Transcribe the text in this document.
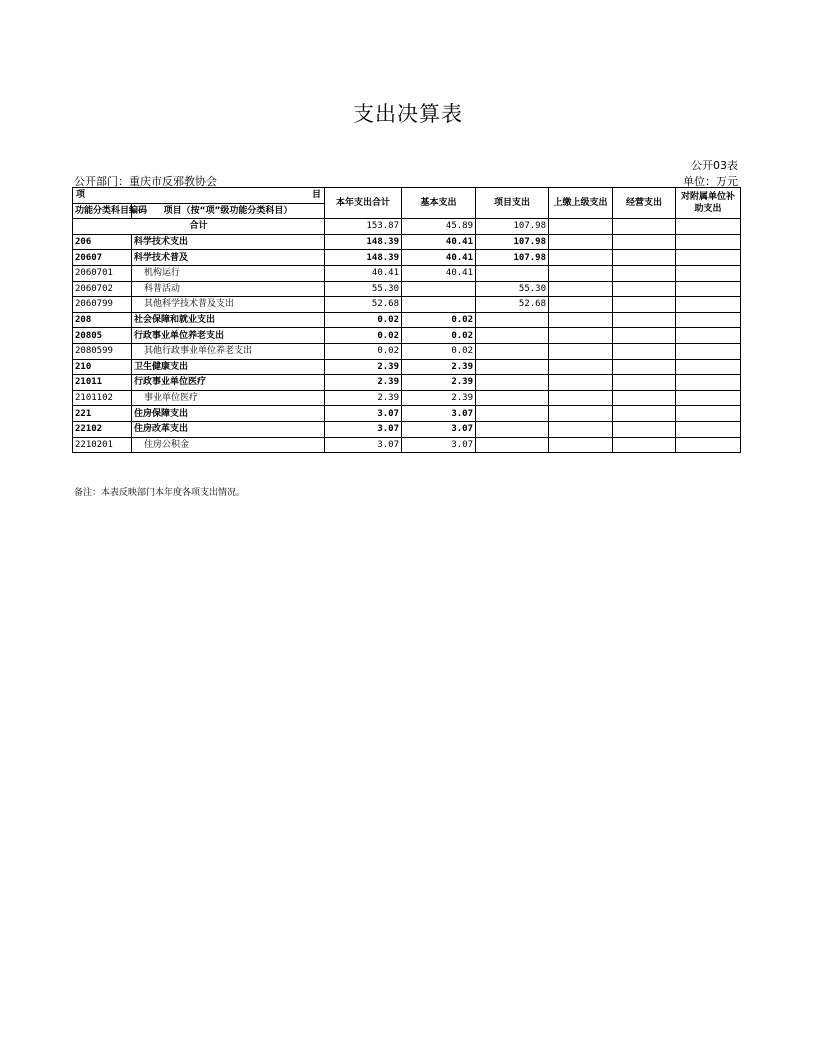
支出决算表
公开03表
公开部门：重庆市反邪教协会	单位：万元
项 目		本年支出合计	基本支出	项目支出	上缴上级支出	经营支出	对附属单位补助支出
功能分类科目编码	项目（按“项”级功能分类科目）						
合计		153.87	45.89	107.98			
206	科学技术支出	148.39	40.41	107.98			
20607	科学技术普及	148.39	40.41	107.98			
2060701	机构运行	40.41	40.41				
2060702	科普活动	55.30		55.30			
2060799	其他科学技术普及支出	52.68		52.68			
208	社会保障和就业支出	0.02	0.02				
20805	行政事业单位养老支出	0.02	0.02				
2080599	其他行政事业单位养老支出	0.02	0.02				
210	卫生健康支出	2.39	2.39				
21011	行政事业单位医疗	2.39	2.39				
2101102	事业单位医疗	2.39	2.39				
221	住房保障支出	3.07	3.07				
22102	住房改革支出	3.07	3.07				
2210201	住房公积金	3.07	3.07				
备注：本表反映部门本年度各项支出情况。
